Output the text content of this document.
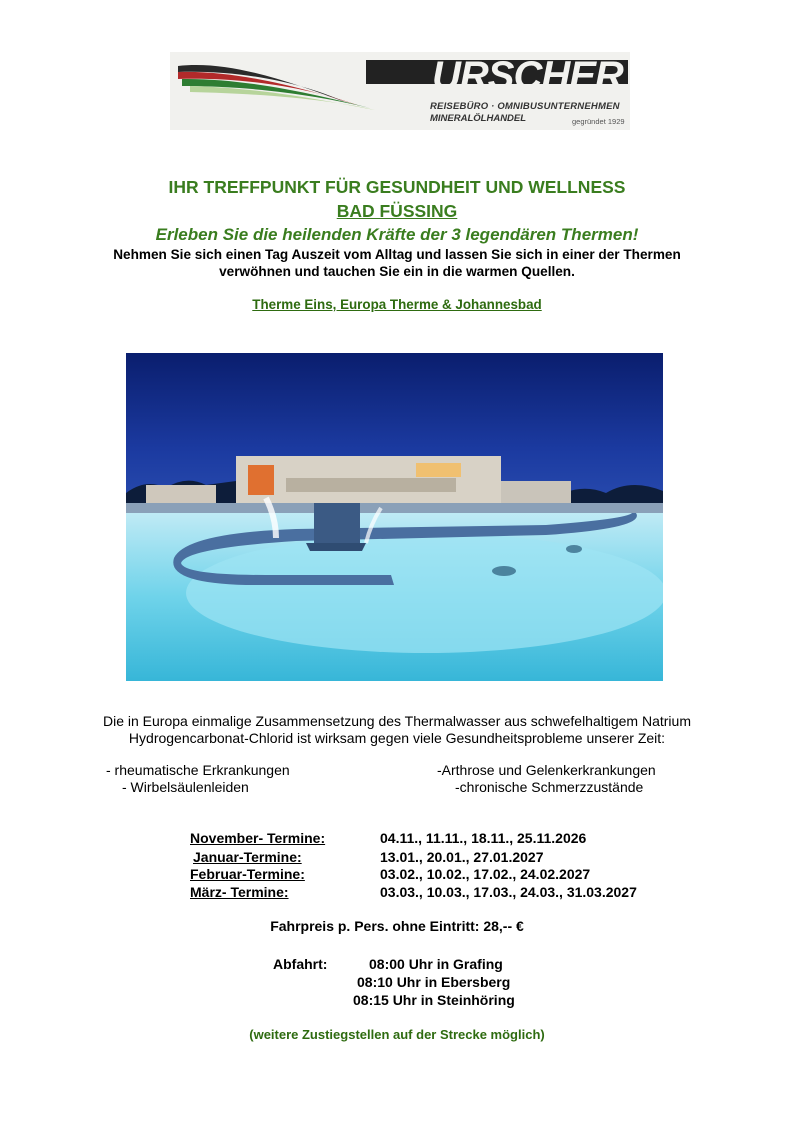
URSCHER
REISEBÜRO · OMNIBUSUNTERNEHMEN
MINERALÖLHANDEL	gegründet 1929
IHR TREFFPUNKT FÜR GESUNDHEIT UND WELLNESS
BAD FÜSSING
Erleben Sie die heilenden Kräfte der 3 legendären Thermen!
Nehmen Sie sich einen Tag Auszeit vom Alltag und lassen Sie sich in einer der Thermen
verwöhnen und tauchen Sie ein in die warmen Quellen.
Therme Eins, Europa Therme & Johannesbad
Die in Europa einmalige Zusammensetzung des Thermalwasser aus schwefelhaltigem Natrium
Hydrogencarbonat-Chlorid ist wirksam gegen viele Gesundheitsprobleme unserer Zeit:
- rheumatische Erkrankungen
- Wirbelsäulenleiden
-Arthrose und Gelenkerkrankungen
-chronische Schmerzzustände
November- Termine:	04.11., 11.11., 18.11., 25.11.2026
Januar-Termine:	13.01., 20.01., 27.01.2027
Februar-Termine:	03.02., 10.02., 17.02., 24.02.2027
März- Termine:	03.03., 10.03., 17.03., 24.03., 31.03.2027
Fahrpreis p. Pers. ohne Eintritt: 28,-- €
Abfahrt:	08:00 Uhr in Grafing
08:10 Uhr in Ebersberg
08:15 Uhr in Steinhöring
(weitere Zustiegstellen auf der Strecke möglich)
